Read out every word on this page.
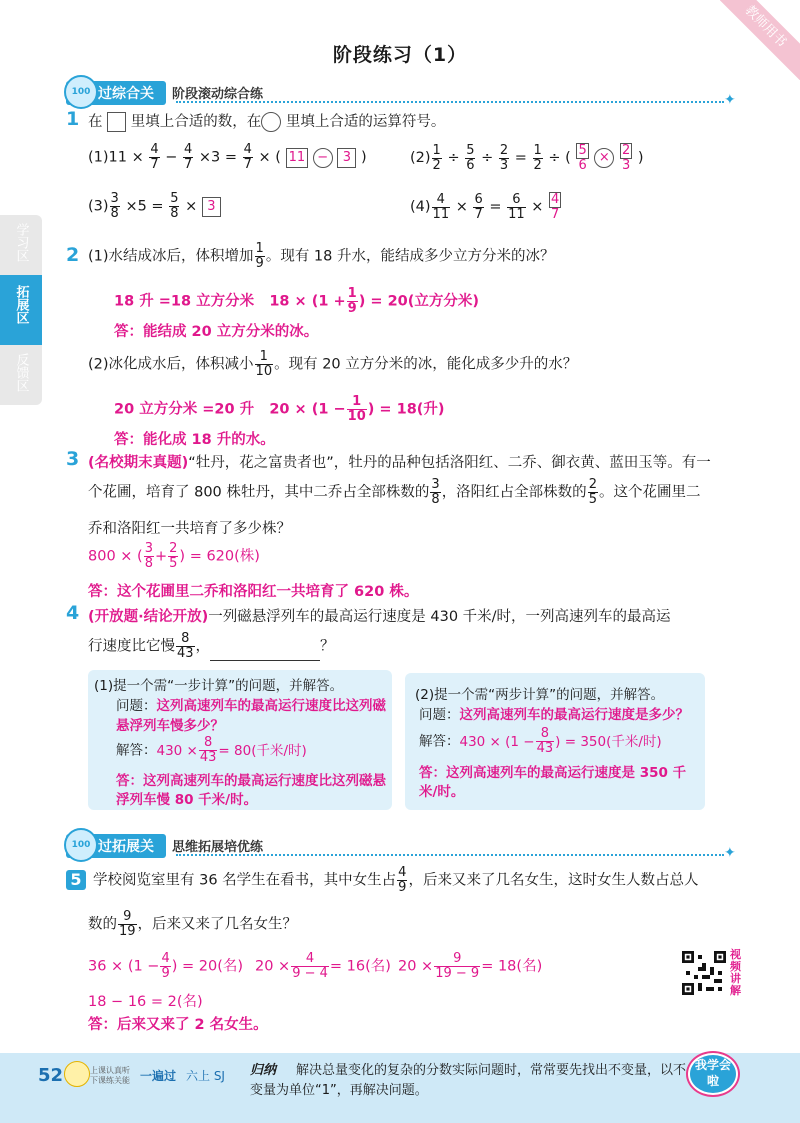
教师用书
阶段练习（1）
100 过综合关 阶段滚动综合练	✦
学习区
拓展区
反馈区
1 在 里填上合适的数，在 里填上合适的运算符号。
$(1)11 \times \frac{4}{7} - \frac{4}{7} \times 3 = \frac{4}{7}$ × ( 11 − 3 )	$(2) \frac{1}{2} \div \frac{5}{6} \div \frac{2}{3} = \frac{1}{2}$ ÷ ( $\frac{5}{6} \times \frac{2}{3}$ )
$(3) \frac{3}{8} \times 5 = \frac{5}{8} \times 3$	$(4) \frac{4}{11} \times \frac{6}{7} = \frac{6}{11} \times \frac{4}{7}$
2 (1)水结成冰后，体积增加 $\frac{1}{9}$ 。现有 18 升水，能结成多少立方分米的冰？
18 升 =18 立方分米 $18 \times (1 + \frac{1}{9}$ ) = 20(立方分米)
答：能结成 20 立方分米的冰。
(2)冰化成水后，体积减小 $\frac{1}{10}$ 。现有 20 立方分米的冰，能化成多少升的水？
20 立方分米 =20 升 $20 \times (1 - \frac{1}{10}$ ) = 18(升)
答：能化成 18 升的水。
3 (名校期末真题)“牡丹，花之富贵者也”，牡丹的品种包括洛阳红、二乔、御衣黄、蓝田玉等。有一
个花圃，培育了 800 株牡丹，其中二乔占全部株数的 $\frac{3}{8}$ ，洛阳红占全部株数的 $\frac{2}{5}$ 。这个花圃里二
乔和洛阳红一共培育了多少株？
800 × ( $\frac{3}{8} + \frac{2}{5}$ ) = 620(株)
答：这个花圃里二乔和洛阳红一共培育了 620 株。
4 (开放题·结论开放)一列磁悬浮列车的最高运行速度是 430 千米/时，一列高速列车的最高运
行速度比它慢 $\frac{8}{43}$ ，	？
(1)提一个需“一步计算”的问题，并解答。
问题：这列高速列车的最高运行速度比这列磁
悬浮列车慢多少？
解答：$430 \times \frac{8}{43} = 80$(千米/时)
答：这列高速列车的最高运行速度比这列磁悬
浮列车慢 80 千米/时。
(2)提一个需“两步计算”的问题，并解答。
问题：这列高速列车的最高运行速度是多少？
解答：$430 \times (1 - \frac{8}{43}$ ) = 350(千米/时)
答：这列高速列车的最高运行速度是 350 千
米/时。
100 过拓展关 思维拓展培优练	✦
5 学校阅览室里有 36 名学生在看书，其中女生占 $\frac{4}{9}$ ，后来又来了几名女生，这时女生人数占总人
数的 $\frac{9}{19}$ ，后来又来了几名女生？
$36 \times (1 - \frac{4}{9}$ ) = 20(名) $20 \times \frac{4}{9 - 4} = 16$(名) $20 \times \frac{9}{19 - 9} = 18$(名)
18 − 16 = 2(名)
答：后来又来了 2 名女生。
视频讲解
52	上课认真听
下课练关能 一遍过 六上 SJ 归纳 解决总量变化的复杂的分数实际问题时，常常要先找出不变量，以不
变量为单位“1”，再解决问题。
我学会啦
